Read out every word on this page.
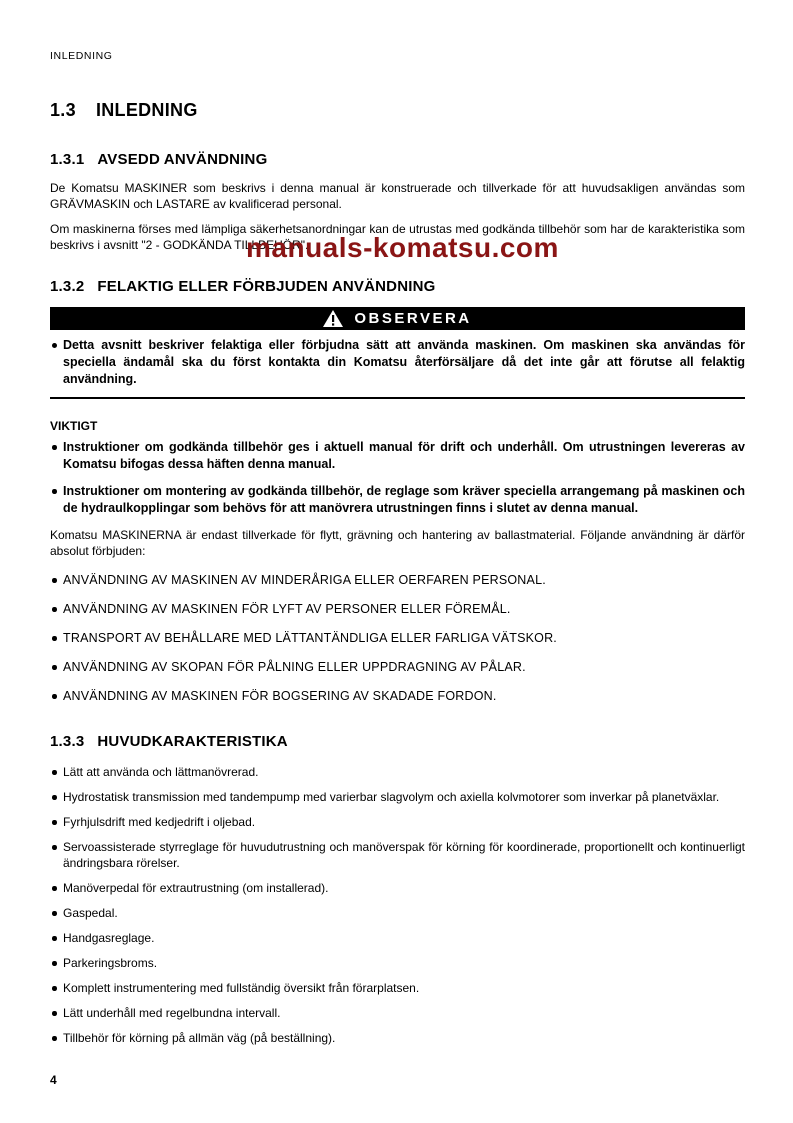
INLEDNING
1.3 INLEDNING
1.3.1 AVSEDD ANVÄNDNING

De Komatsu MASKINER som beskrivs i denna manual är konstruerade och tillverkade för att huvudsakligen användas som GRÄVMASKIN och LASTARE av kvalificerad personal.

Om maskinerna förses med lämpliga säkerhetsanordningar kan de utrustas med godkända tillbehör som har de karakteristika som beskrivs i avsnitt "2 - GODKÄNDA TILLBEHÖR".

1.3.2 FELAKTIG ELLER FÖRBJUDEN ANVÄNDNING
OBSERVERA
Detta avsnitt beskriver felaktiga eller förbjudna sätt att använda maskinen. Om maskinen ska användas för speciella ändamål ska du först kontakta din Komatsu återförsäljare då det inte går att förutse all felaktig användning.
VIKTIGT
Instruktioner om godkända tillbehör ges i aktuell manual för drift och underhåll. Om utrustningen levereras av Komatsu bifogas dessa häften denna manual.
Instruktioner om montering av godkända tillbehör, de reglage som kräver speciella arrangemang på maskinen och de hydraulkopplingar som behövs för att manövrera utrustningen finns i slutet av denna manual.

Komatsu MASKINERNA är endast tillverkade för flytt, grävning och hantering av ballastmaterial. Följande användning är därför absolut förbjuden:

ANVÄNDNING AV MASKINEN AV MINDERÅRIGA ELLER OERFAREN PERSONAL.
ANVÄNDNING AV MASKINEN FÖR LYFT AV PERSONER ELLER FÖREMÅL.
TRANSPORT AV BEHÅLLARE MED LÄTTANTÄNDLIGA ELLER FARLIGA VÄTSKOR.
ANVÄNDNING AV SKOPAN FÖR PÅLNING ELLER UPPDRAGNING AV PÅLAR.
ANVÄNDNING AV MASKINEN FÖR BOGSERING AV SKADADE FORDON.
1.3.3 HUVUDKARAKTERISTIKA
Lätt att använda och lättmanövrerad.
Hydrostatisk transmission med tandempump med varierbar slagvolym och axiella kolvmotorer som inverkar på planetväxlar.
Fyrhjulsdrift med kedjedrift i oljebad.
Servoassisterade styrreglage för huvudutrustning och manöverspak för körning för koordinerade, proportionellt och kontinuerligt ändringsbara rörelser.
Manöverpedal för extrautrustning (om installerad).
Gaspedal.
Handgasreglage.
Parkeringsbroms.
Komplett instrumentering med fullständig översikt från förarplatsen.
Lätt underhåll med regelbundna intervall.
Tillbehör för körning på allmän väg (på beställning).
manuals-komatsu.com
4
